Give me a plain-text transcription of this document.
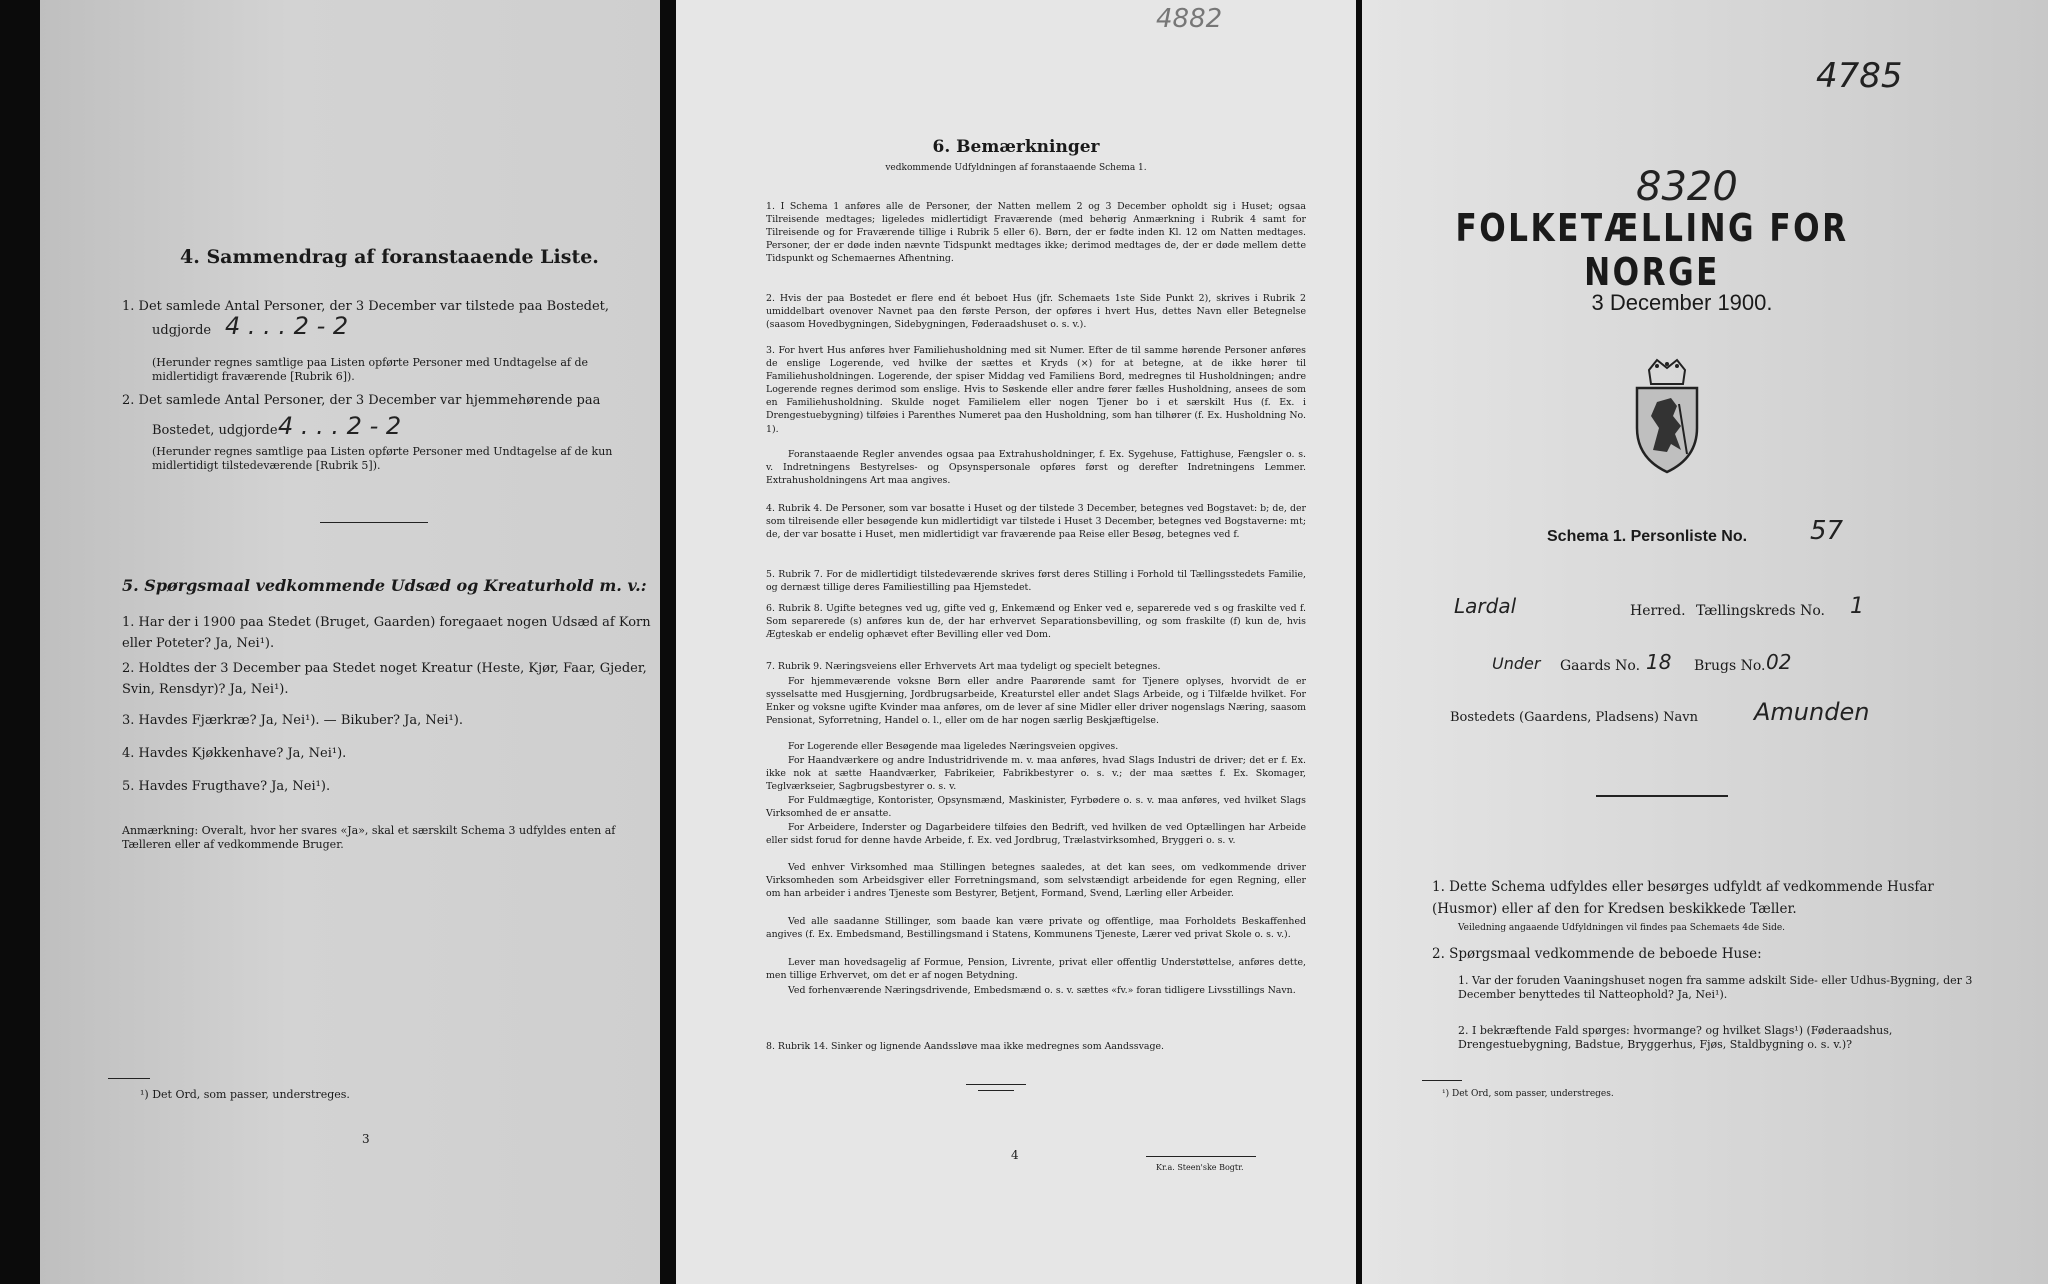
4. Sammendrag af foranstaaende Liste.
1. Det samlede Antal Personer, der 3 December var tilstede paa Bostedet,
udgjorde 4 . . . 2 - 2
(Herunder regnes samtlige paa Listen opførte Personer med Undtagelse af de midlertidigt fraværende [Rubrik 6]).
2. Det samlede Antal Personer, der 3 December var hjemmehørende paa
Bostedet, udgjorde 4 . . . 2 - 2
(Herunder regnes samtlige paa Listen opførte Personer med Undtagelse af de kun midlertidigt tilstedeværende [Rubrik 5]).
5. Spørgsmaal vedkommende Udsæd og Kreaturhold m. v.:
1. Har der i 1900 paa Stedet (Bruget, Gaarden) foregaaet nogen Udsæd af Korn eller Poteter? Ja, Nei¹).
2. Holdtes der 3 December paa Stedet noget Kreatur (Heste, Kjør, Faar, Gjeder, Svin, Rensdyr)? Ja, Nei¹).
3. Havdes Fjærkræ? Ja, Nei¹). — Bikuber? Ja, Nei¹).
4. Havdes Kjøkkenhave? Ja, Nei¹).
5. Havdes Frugthave? Ja, Nei¹).
Anmærkning: Overalt, hvor her svares «Ja», skal et særskilt Schema 3 udfyldes enten af Tælleren eller af vedkommende Bruger.
¹) Det Ord, som passer, understreges.
3
4882
6. Bemærkninger
vedkommende Udfyldningen af foranstaaende Schema 1.
1. I Schema 1 anføres alle de Personer, der Natten mellem 2 og 3 December opholdt sig i Huset; ogsaa Tilreisende medtages; ligeledes midlertidigt Fraværende (med behørig Anmærkning i Rubrik 4 samt for Tilreisende og for Fraværende tillige i Rubrik 5 eller 6). Børn, der er fødte inden Kl. 12 om Natten medtages. Personer, der er døde inden nævnte Tidspunkt medtages ikke; derimod medtages de, der er døde mellem dette Tidspunkt og Schemaernes Afhentning.
2. Hvis der paa Bostedet er flere end ét beboet Hus (jfr. Schemaets 1ste Side Punkt 2), skrives i Rubrik 2 umiddelbart ovenover Navnet paa den første Person, der opføres i hvert Hus, dettes Navn eller Betegnelse (saasom Hovedbygningen, Sidebygningen, Føderaadshuset o. s. v.).
3. For hvert Hus anføres hver Familiehusholdning med sit Numer. Efter de til samme hørende Personer anføres de enslige Logerende, ved hvilke der sættes et Kryds (×) for at betegne, at de ikke hører til Familiehusholdningen. Logerende, der spiser Middag ved Familiens Bord, medregnes til Husholdningen; andre Logerende regnes derimod som enslige. Hvis to Søskende eller andre fører fælles Husholdning, ansees de som en Familiehusholdning. Skulde noget Familielem eller nogen Tjener bo i et særskilt Hus (f. Ex. i Drengestuebygning) tilføies i Parenthes Numeret paa den Husholdning, som han tilhører (f. Ex. Husholdning No. 1).
Foranstaaende Regler anvendes ogsaa paa Extrahusholdninger, f. Ex. Sygehuse, Fattighuse, Fængsler o. s. v. Indretningens Bestyrelses- og Opsynspersonale opføres først og derefter Indretningens Lemmer. Extrahusholdningens Art maa angives.
4. Rubrik 4. De Personer, som var bosatte i Huset og der tilstede 3 December, betegnes ved Bogstavet: b; de, der som tilreisende eller besøgende kun midlertidigt var tilstede i Huset 3 December, betegnes ved Bogstaverne: mt; de, der var bosatte i Huset, men midlertidigt var fraværende paa Reise eller Besøg, betegnes ved f.
5. Rubrik 7. For de midlertidigt tilstedeværende skrives først deres Stilling i Forhold til Tællingsstedets Familie, og dernæst tillige deres Familiestilling paa Hjemstedet.
6. Rubrik 8. Ugifte betegnes ved ug, gifte ved g, Enkemænd og Enker ved e, separerede ved s og fraskilte ved f. Som separerede (s) anføres kun de, der har erhvervet Separationsbevilling, og som fraskilte (f) kun de, hvis Ægteskab er endelig ophævet efter Bevilling eller ved Dom.
7. Rubrik 9. Næringsveiens eller Erhvervets Art maa tydeligt og specielt betegnes.
For hjemmeværende voksne Børn eller andre Paarørende samt for Tjenere oplyses, hvorvidt de er sysselsatte med Husgjerning, Jordbrugsarbeide, Kreaturstel eller andet Slags Arbeide, og i Tilfælde hvilket. For Enker og voksne ugifte Kvinder maa anføres, om de lever af sine Midler eller driver nogenslags Næring, saasom Pensionat, Syforretning, Handel o. l., eller om de har nogen særlig Beskjæftigelse.
For Logerende eller Besøgende maa ligeledes Næringsveien opgives.
For Haandværkere og andre Industridrivende m. v. maa anføres, hvad Slags Industri de driver; det er f. Ex. ikke nok at sætte Haandværker, Fabrikeier, Fabrikbestyrer o. s. v.; der maa sættes f. Ex. Skomager, Teglværkseier, Sagbrugsbestyrer o. s. v.
For Fuldmægtige, Kontorister, Opsynsmænd, Maskinister, Fyrbødere o. s. v. maa anføres, ved hvilket Slags Virksomhed de er ansatte.
For Arbeidere, Inderster og Dagarbeidere tilføies den Bedrift, ved hvilken de ved Optællingen har Arbeide eller sidst forud for denne havde Arbeide, f. Ex. ved Jordbrug, Trælastvirksomhed, Bryggeri o. s. v.
Ved enhver Virksomhed maa Stillingen betegnes saaledes, at det kan sees, om vedkommende driver Virksomheden som Arbeidsgiver eller Forretningsmand, som selvstændigt arbeidende for egen Regning, eller om han arbeider i andres Tjeneste som Bestyrer, Betjent, Formand, Svend, Lærling eller Arbeider.
Ved alle saadanne Stillinger, som baade kan være private og offentlige, maa Forholdets Beskaffenhed angives (f. Ex. Embedsmand, Bestillingsmand i Statens, Kommunens Tjeneste, Lærer ved privat Skole o. s. v.).
Lever man hovedsagelig af Formue, Pension, Livrente, privat eller offentlig Understøttelse, anføres dette, men tillige Erhvervet, om det er af nogen Betydning.
Ved forhenværende Næringsdrivende, Embedsmænd o. s. v. sættes «fv.» foran tidligere Livsstillings Navn.
8. Rubrik 14. Sinker og lignende Aandssløve maa ikke medregnes som Aandssvage.
4
Kr.a. Steen'ske Bogtr.
4785
8320
FOLKETÆLLING FOR NORGE
3 December 1900.
Schema 1. Personliste No. 57
Lardal	Herred. Tællingskreds No. 1
Under Gaards No. 18 Brugs No. 02
Bostedets (Gaardens, Pladsens) Navn Amunden
1. Dette Schema udfyldes eller besørges udfyldt af vedkommende Husfar (Husmor) eller af den for Kredsen beskikkede Tæller.
Veiledning angaaende Udfyldningen vil findes paa Schemaets 4de Side.
2. Spørgsmaal vedkommende de beboede Huse:
1. Var der foruden Vaaningshuset nogen fra samme adskilt Side- eller Udhus-Bygning, der 3 December benyttedes til Natteophold? Ja, Nei¹).
2. I bekræftende Fald spørges: hvormange? og hvilket Slags¹) (Føderaadshus, Drengestuebygning, Badstue, Bryggerhus, Fjøs, Staldbygning o. s. v.)?
¹) Det Ord, som passer, understreges.
